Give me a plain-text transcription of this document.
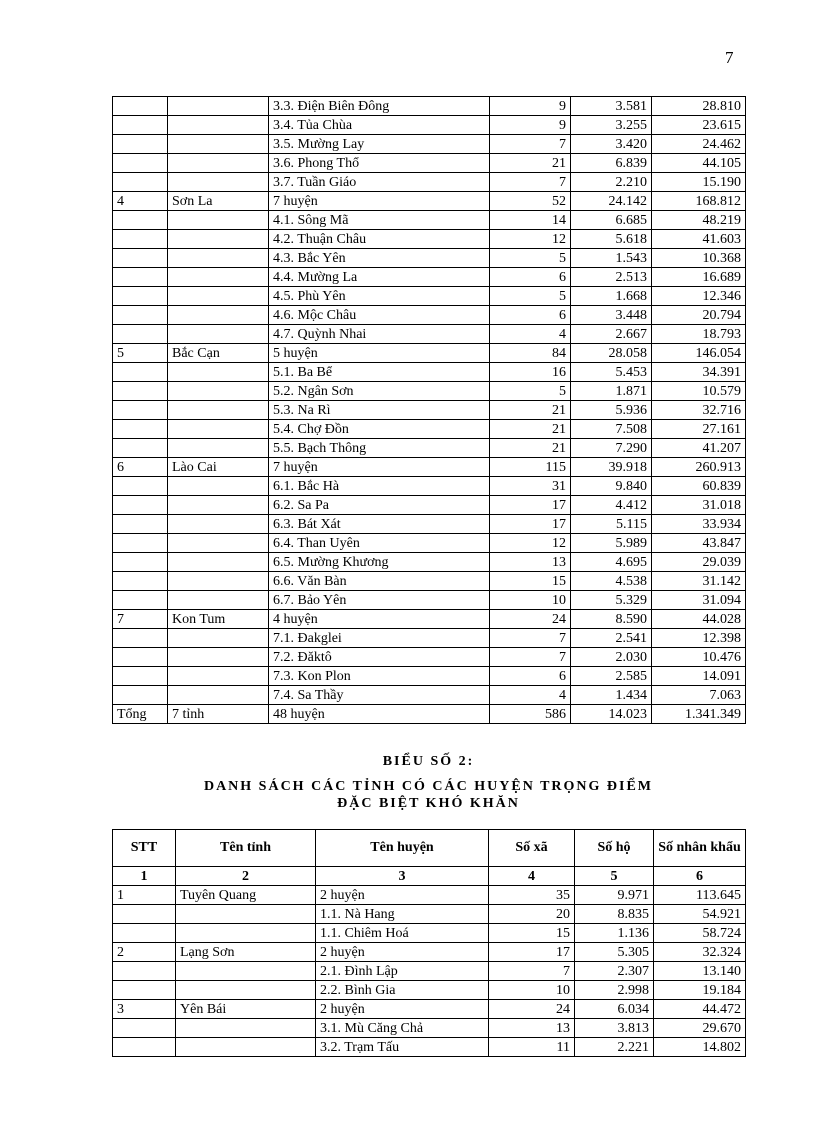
7
		3.3. Điện Biên Đông	9	3.581	28.810
		3.4. Tủa Chùa	9	3.255	23.615
		3.5. Mường Lay	7	3.420	24.462
		3.6. Phong Thổ	21	6.839	44.105
		3.7. Tuần Giáo	7	2.210	15.190
4	Sơn La	7 huyện	52	24.142	168.812
		4.1. Sông Mã	14	6.685	48.219
		4.2. Thuận Châu	12	5.618	41.603
		4.3. Bắc Yên	5	1.543	10.368
		4.4. Mường La	6	2.513	16.689
		4.5. Phù Yên	5	1.668	12.346
		4.6. Mộc Châu	6	3.448	20.794
		4.7. Quỳnh Nhai	4	2.667	18.793
5	Bắc Cạn	5 huyện	84	28.058	146.054
		5.1. Ba Bể	16	5.453	34.391
		5.2. Ngân Sơn	5	1.871	10.579
		5.3. Na Rì	21	5.936	32.716
		5.4. Chợ Đồn	21	7.508	27.161
		5.5. Bạch Thông	21	7.290	41.207
6	Lào Cai	7 huyện	115	39.918	260.913
		6.1. Bắc Hà	31	9.840	60.839
		6.2. Sa Pa	17	4.412	31.018
		6.3. Bát Xát	17	5.115	33.934
		6.4. Than Uyên	12	5.989	43.847
		6.5. Mường Khương	13	4.695	29.039
		6.6. Văn Bàn	15	4.538	31.142
		6.7. Bảo Yên	10	5.329	31.094
7	Kon Tum	4 huyện	24	8.590	44.028
		7.1. Đakglei	7	2.541	12.398
		7.2. Đăktô	7	2.030	10.476
		7.3. Kon Plon	6	2.585	14.091
		7.4. Sa Thầy	4	1.434	7.063
Tổng	7 tỉnh	48 huyện	586	14.023	1.341.349
BIỂU SỐ 2:
DANH SÁCH CÁC TỈNH CÓ CÁC HUYỆN TRỌNG ĐIỂM
ĐẶC BIỆT KHÓ KHĂN
STT	Tên tỉnh	Tên huyện	Số xã	Số hộ	Số nhân khẩu
1	2	3	4	5	6
1	Tuyên Quang	2 huyện	35	9.971	113.645
		1.1. Nà Hang	20	8.835	54.921
		1.1. Chiêm Hoá	15	1.136	58.724
2	Lạng Sơn	2 huyện	17	5.305	32.324
		2.1. Đình Lập	7	2.307	13.140
		2.2. Bình Gia	10	2.998	19.184
3	Yên Bái	2 huyện	24	6.034	44.472
		3.1. Mù Căng Chả	13	3.813	29.670
		3.2. Trạm Tấu	11	2.221	14.802
